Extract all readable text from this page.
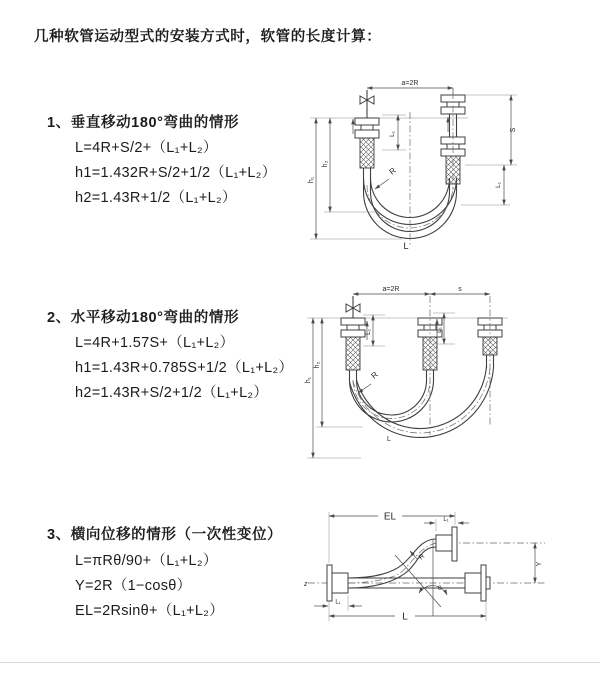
几种软管运动型式的安装方式时，软管的长度计算：
1、垂直移动180°弯曲的情形
L=4R+S/2+（L₁+L₂）
h1=1.432R+S/2+1/2（L₁+L₂）
h2=1.43R+1/2（L₁+L₂）
2、水平移动180°弯曲的情形
L=4R+1.57S+（L₁+L₂）
h1=1.43R+0.785S+1/2（L₁+L₂）
h2=1.43R+S/2+1/2（L₁+L₂）
3、横向位移的情形（一次性变位）
L=πRθ/90+（L₁+L₂）
Y=2R（1−cosθ）
EL=2Rsinθ+（L₁+L₂）
a=2R
h₂
h₁
L₁
S
L₁
R
L
a=2R	s
h₂
h₁
L₁	L₁
R
L
z
θ
R
EL	L₁
Y
L
L₁
